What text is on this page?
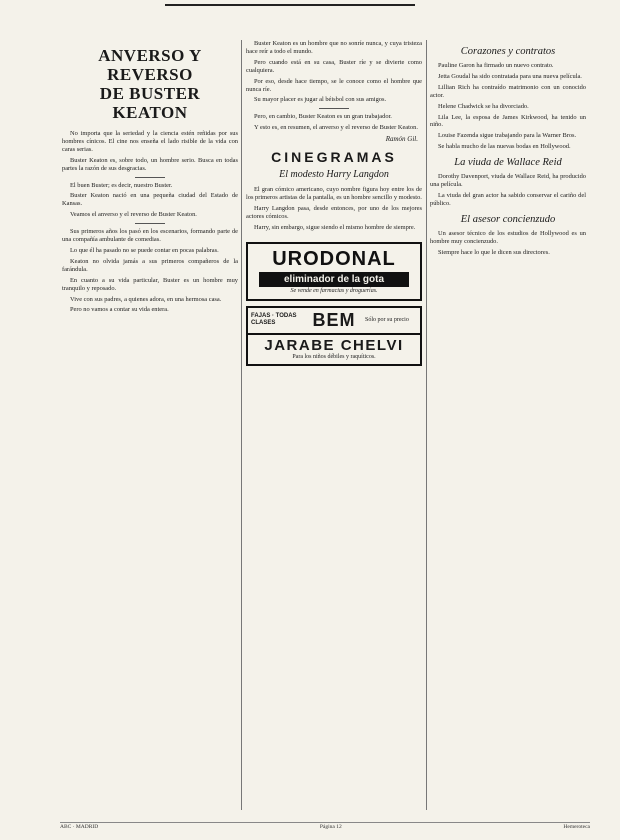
ANVERSO Y REVERSO
DE BUSTER KEATON

No importa que la seriedad y la ciencia estén reñidas por sus hombres cínicos. El cine nos enseña el lado risible de la vida con caras serias.

Buster Keaton es, sobre todo, un hombre serio. Busca en todas partes la razón de sus desgracias.

El buen Buster; es decir, nuestro Buster.

Buster Keaton nació en una pequeña ciudad del Estado de Kansas.

Veamos el anverso y el reverso de Buster Keaton.

Sus primeros años los pasó en los escenarios, formando parte de una compañía ambulante de comedias.

Lo que él ha pasado no se puede contar en pocas palabras.

Keaton no olvida jamás a sus primeros compañeros de la farándula.

En cuanto a su vida particular, Buster es un hombre muy tranquilo y reposado.

Vive con sus padres, a quienes adora, en una hermosa casa.

Pero no vamos a contar su vida entera.

Buster Keaton es un hombre que no sonríe nunca, y cuya tristeza hace reír a todo el mundo.

Pero cuando está en su casa, Buster ríe y se divierte como cualquiera.

Por eso, desde hace tiempo, se le conoce como el hombre que nunca ríe.

Su mayor placer es jugar al béisbol con sus amigos.

Pero, en cambio, Buster Keaton es un gran trabajador.

Y esto es, en resumen, el anverso y el reverso de Buster Keaton.

Ramón Gil.
CINEGRAMAS
El modesto Harry Langdon

El gran cómico americano, cuyo nombre figura hoy entre los de los primeros artistas de la pantalla, es un hombre sencillo y modesto.

Harry Langdon pasa, desde entonces, por uno de los mejores actores cómicos.

Harry, sin embargo, sigue siendo el mismo hombre de siempre.

URODONAL
eliminador de la gota
Se vende en farmacias y droguerías.
FAJAS · TODAS CLASES	BEM	Sólo por su precio
JARABE CHELVI
Para los niños débiles y raquíticos.
Corazones y contratos

Pauline Garon ha firmado un nuevo contrato.

Jetta Goudal ha sido contratada para una nueva película.

Lillian Rich ha contraído matrimonio con un conocido actor.

Helene Chadwick se ha divorciado.

Lila Lee, la esposa de James Kirkwood, ha tenido un niño.

Louise Fazenda sigue trabajando para la Warner Bros.

Se habla mucho de las nuevas bodas en Hollywood.

La viuda de Wallace Reid

Dorothy Davenport, viuda de Wallace Reid, ha producido una película.

La viuda del gran actor ha sabido conservar el cariño del público.

El asesor concienzudo

Un asesor técnico de los estudios de Hollywood es un hombre muy concienzudo.

Siempre hace lo que le dicen sus directores.

ABC · MADRID	Página 12	Hemeroteca
